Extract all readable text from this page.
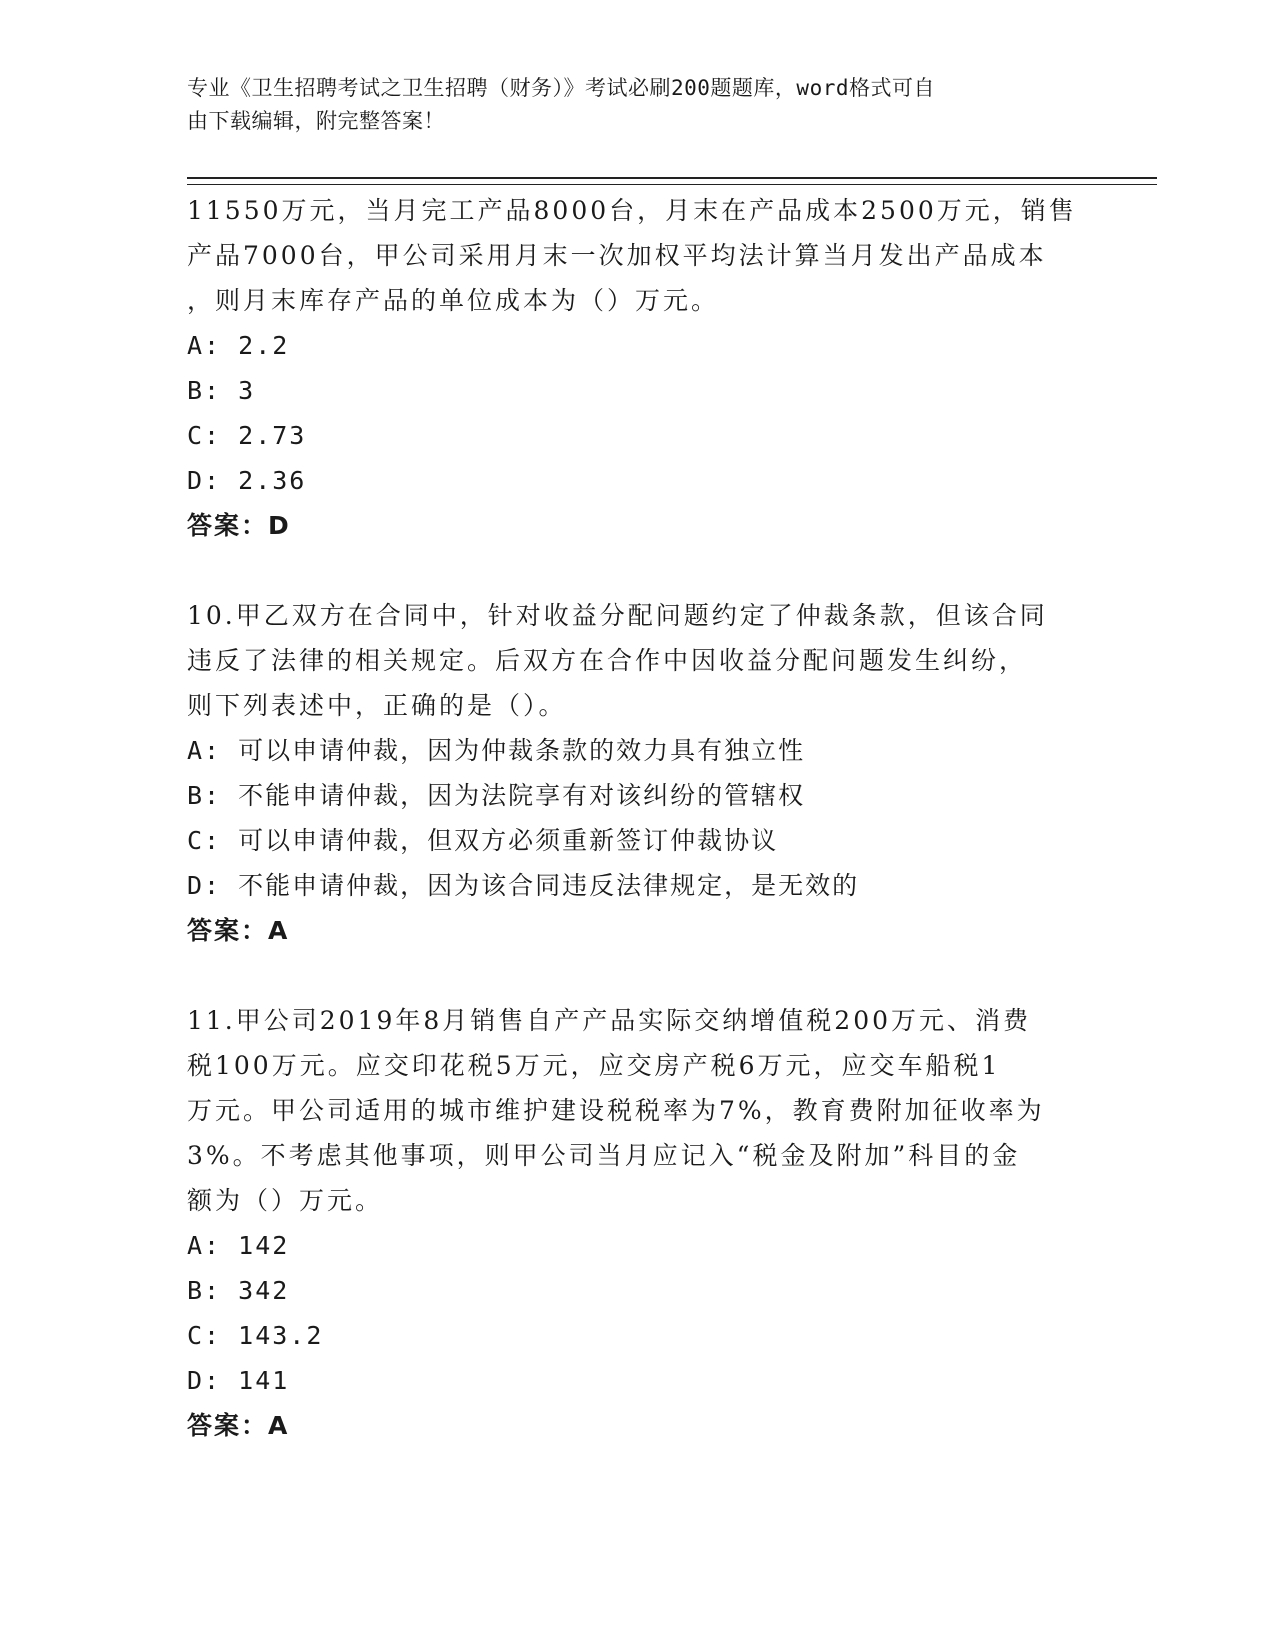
专业《卫生招聘考试之卫生招聘（财务）》考试必刷200题题库，word格式可自
由下载编辑，附完整答案！
11550万元，当月完工产品8000台，月末在产品成本2500万元，销售
产品7000台，甲公司采用月末一次加权平均法计算当月发出产品成本
，则月末库存产品的单位成本为（）万元。
A: 2.2
B: 3
C: 2.73
D: 2.36
答案：D
10.甲乙双方在合同中，针对收益分配问题约定了仲裁条款，但该合同
违反了法律的相关规定。后双方在合作中因收益分配问题发生纠纷，
则下列表述中，正确的是（）。
A: 可以申请仲裁，因为仲裁条款的效力具有独立性
B: 不能申请仲裁，因为法院享有对该纠纷的管辖权
C: 可以申请仲裁，但双方必须重新签订仲裁协议
D: 不能申请仲裁，因为该合同违反法律规定，是无效的
答案：A
11.甲公司2019年8月销售自产产品实际交纳增值税200万元、消费
税100万元。应交印花税5万元，应交房产税6万元，应交车船税1
万元。甲公司适用的城市维护建设税税率为7%，教育费附加征收率为
3%。不考虑其他事项，则甲公司当月应记入“税金及附加”科目的金
额为（）万元。
A: 142
B: 342
C: 143.2
D: 141
答案：A
